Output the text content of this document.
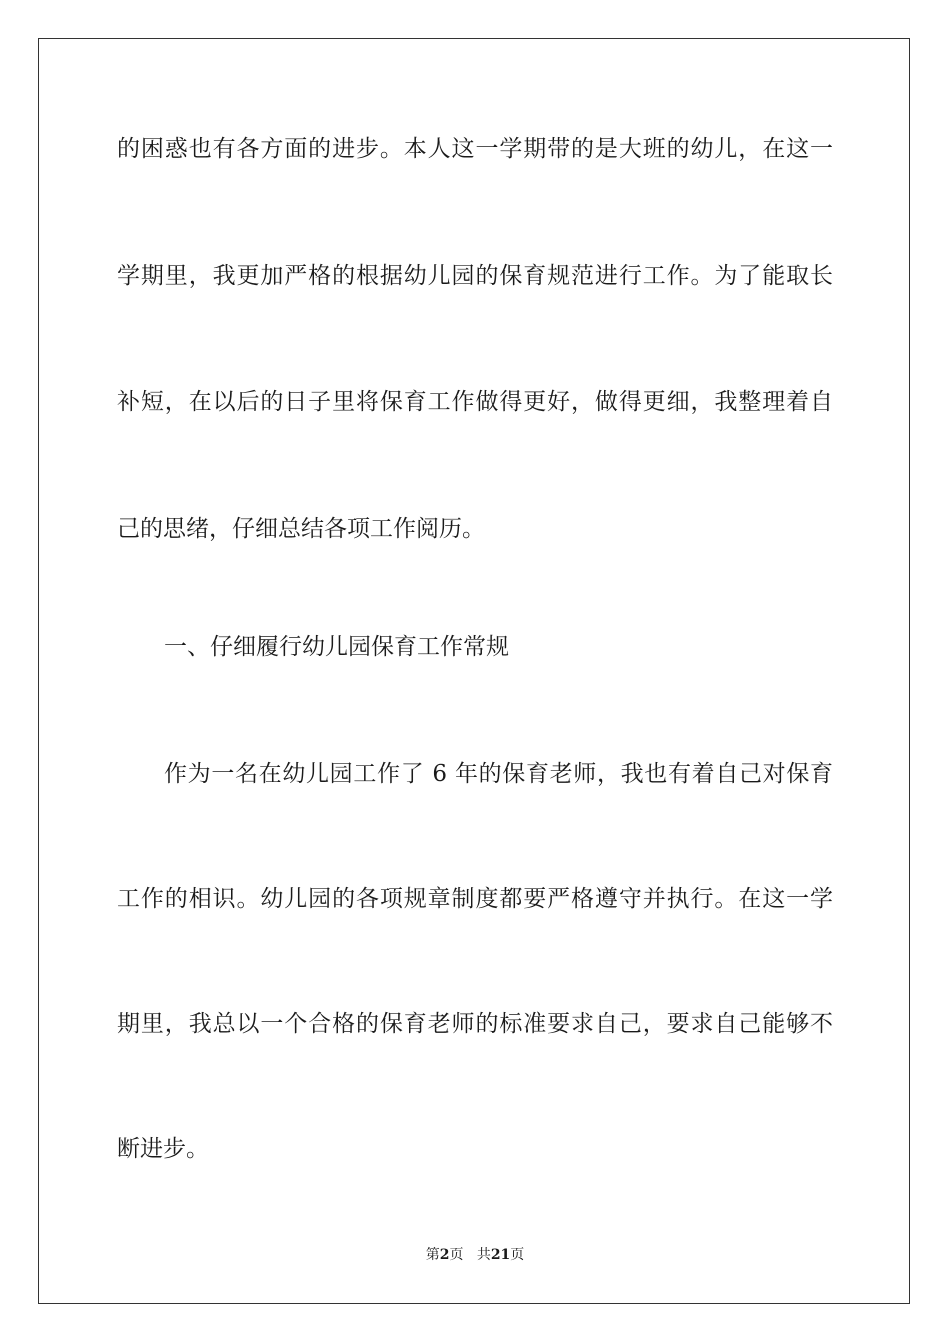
的困惑也有各方面的进步。本人这一学期带的是大班的幼儿，在这一
学期里，我更加严格的根据幼儿园的保育规范进行工作。为了能取长
补短，在以后的日子里将保育工作做得更好，做得更细，我整理着自
己的思绪，仔细总结各项工作阅历。
一、仔细履行幼儿园保育工作常规
作为一名在幼儿园工作了 6 年的保育老师，我也有着自己对保育
工作的相识。幼儿园的各项规章制度都要严格遵守并执行。在这一学
期里，我总以一个合格的保育老师的标准要求自己，要求自己能够不
断进步。
第2页 共21页
